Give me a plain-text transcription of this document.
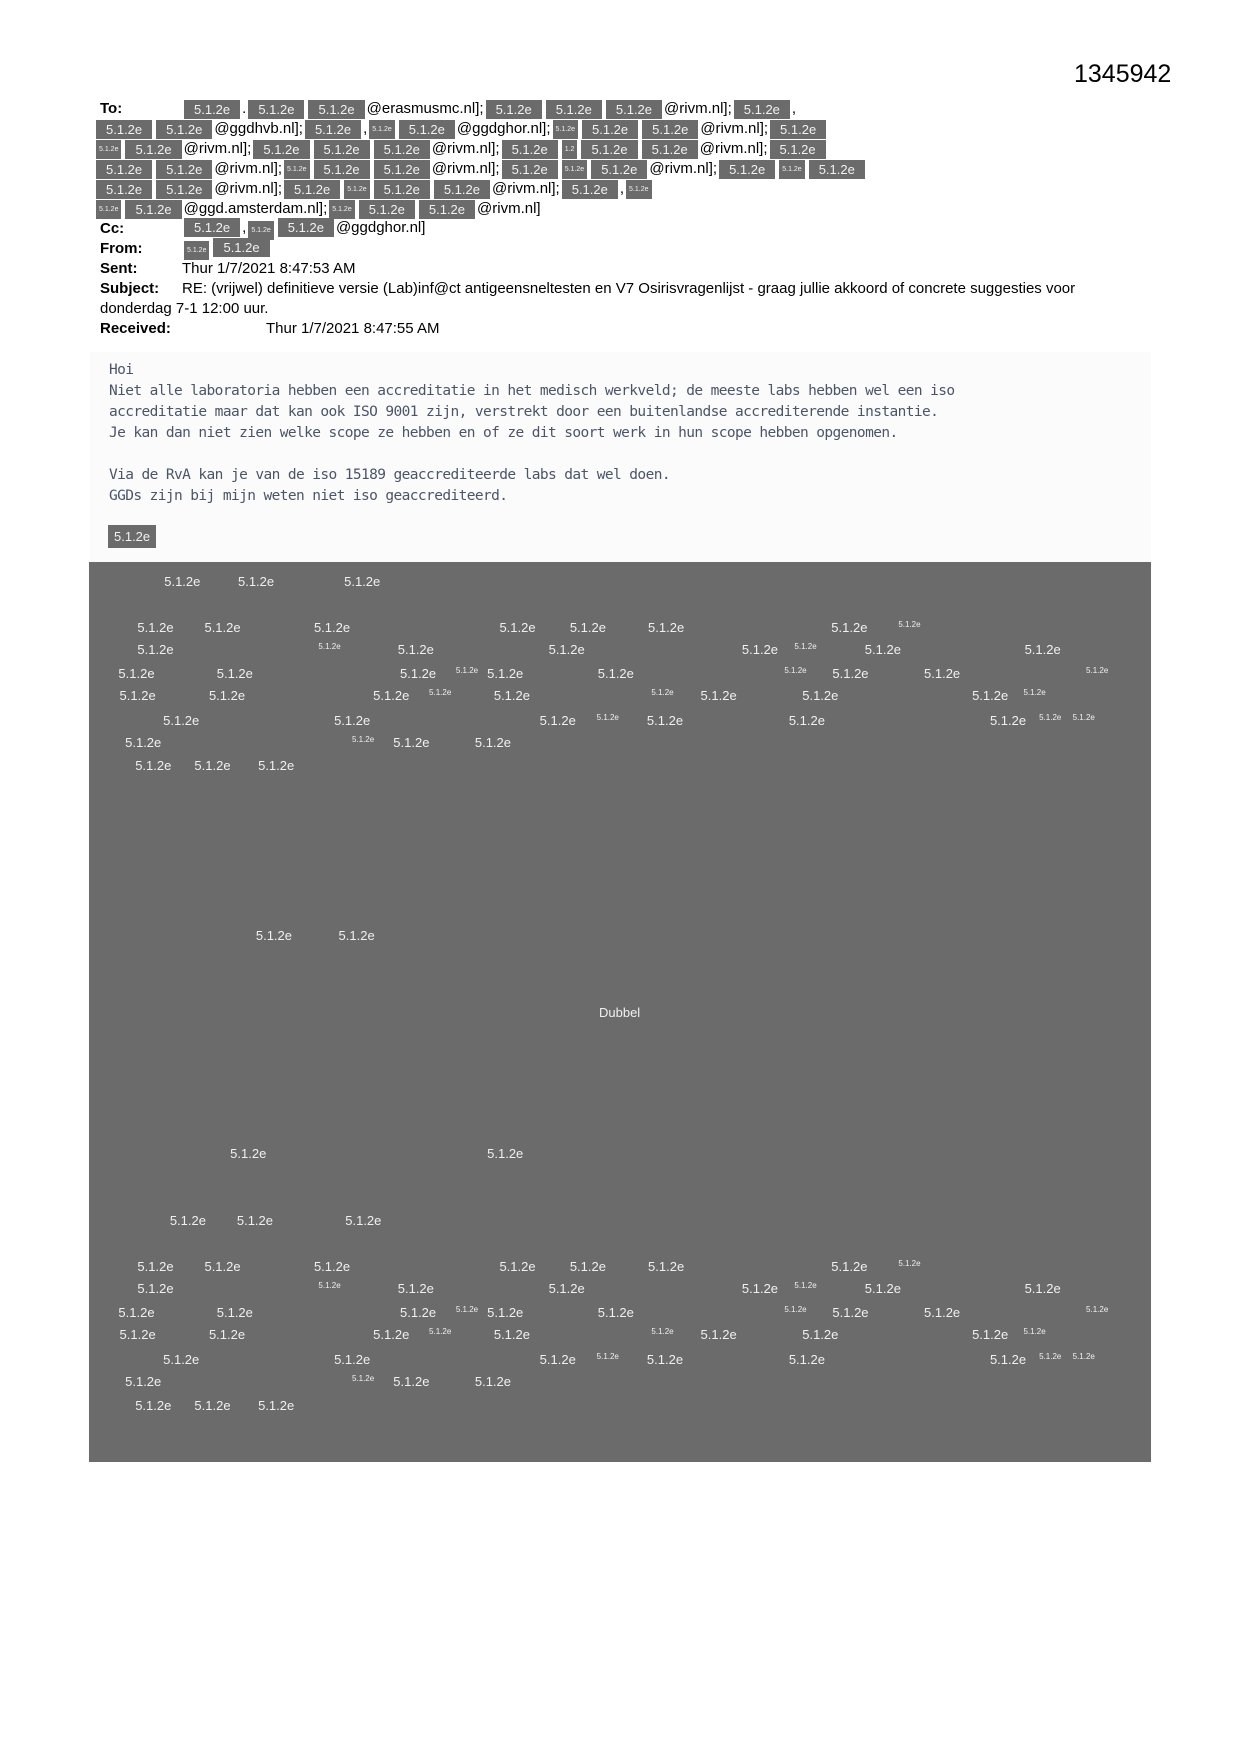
1345942
To:	5.1.2e . 5.1.2e	5.1.2e @erasmusmc.nl]; 5.1.2e	5.1.2e	5.1.2e @rivm.nl]; 5.1.2e ,
5.1.2e	5.1.2e @ggdhvb.nl]; 5.1.2e , 5.1.2e	5.1.2e @ggdghor.nl]; 5.1.2e	5.1.2e	5.1.2e @rivm.nl]; 5.1.2e
5.1.2e	5.1.2e @rivm.nl]; 5.1.2e	5.1.2e	5.1.2e @rivm.nl]; 5.1.2e	1.2	5.1.2e	5.1.2e @rivm.nl]; 5.1.2e
5.1.2e	5.1.2e @rivm.nl]; 5.1.2e	5.1.2e	5.1.2e @rivm.nl]; 5.1.2e	5.1.2e	5.1.2e @rivm.nl]; 5.1.2e	5.1.2e	5.1.2e
5.1.2e	5.1.2e @rivm.nl]; 5.1.2e	5.1.2e	5.1.2e	5.1.2e @rivm.nl]; 5.1.2e , 5.1.2e
5.1.2e	5.1.2e @ggd.amsterdam.nl]; 5.1.2e	5.1.2e	5.1.2e @rivm.nl]
Cc:	5.1.2e , 5.1.2e 5.1.2e @ggdghor.nl]
From:	5.1.2e 5.1.2e
Sent:	Thur 1/7/2021 8:47:53 AM
Subject: RE: (vrijwel) definitieve versie (Lab)inf@ct antigeensneltesten en V7 Osirisvragenlijst - graag jullie akkoord of concrete suggesties voor donderdag 7-1 12:00 uur.
Received:	Thur 1/7/2021 8:47:55 AM

Hoi

Niet alle laboratoria hebben een accreditatie in het medisch werkveld; de meeste labs hebben wel een iso

accreditatie maar dat kan ook ISO 9001 zijn, verstrekt door een buitenlandse accrediterende instantie.

Je kan dan niet zien welke scope ze hebben en of ze dit soort werk in hun scope hebben opgenomen.

Via de RvA kan je van de iso 15189 geaccrediteerde labs dat wel doen.

GGDs zijn bij mijn weten niet iso geaccrediteerd.

5.1.2e
Dubbel
5.1.2e	5.1.2e	5.1.2e
5.1.2e	5.1.2e
5.1.2e	5.1.2e
5.1.2e 5.1.2e	5.1.2e
5.1.2e 5.1.2e	5.1.2e	5.1.2e	5.1.2e	5.1.2e	5.1.2e	5.1.2e
5.1.2e	5.1.2e	5.1.2e	5.1.2e	5.1.2e 5.1.2e	5.1.2e	5.1.2e
5.1.2e	5.1.2e	5.1.2e 5.1.2e 5.1.2e	5.1.2e	5.1.2e 5.1.2e	5.1.2e	5.1.2e
5.1.2e	5.1.2e	5.1.2e 5.1.2e	5.1.2e	5.1.2e 5.1.2e	5.1.2e	5.1.2e 5.1.2e
5.1.2e	5.1.2e	5.1.2e	5.1.2e 5.1.2e	5.1.2e	5.1.2e 5.1.2e 5.1.2e
5.1.2e	5.1.2e 5.1.2e	5.1.2e
5.1.2e 5.1.2e 5.1.2e
5.1.2e 5.1.2e	5.1.2e	5.1.2e	5.1.2e	5.1.2e	5.1.2e	5.1.2e
5.1.2e	5.1.2e	5.1.2e	5.1.2e	5.1.2e 5.1.2e	5.1.2e	5.1.2e
5.1.2e	5.1.2e	5.1.2e 5.1.2e 5.1.2e	5.1.2e	5.1.2e 5.1.2e	5.1.2e	5.1.2e
5.1.2e	5.1.2e	5.1.2e 5.1.2e	5.1.2e	5.1.2e 5.1.2e	5.1.2e	5.1.2e 5.1.2e
5.1.2e	5.1.2e	5.1.2e	5.1.2e 5.1.2e	5.1.2e	5.1.2e 5.1.2e 5.1.2e
5.1.2e	5.1.2e 5.1.2e	5.1.2e
5.1.2e 5.1.2e 5.1.2e
